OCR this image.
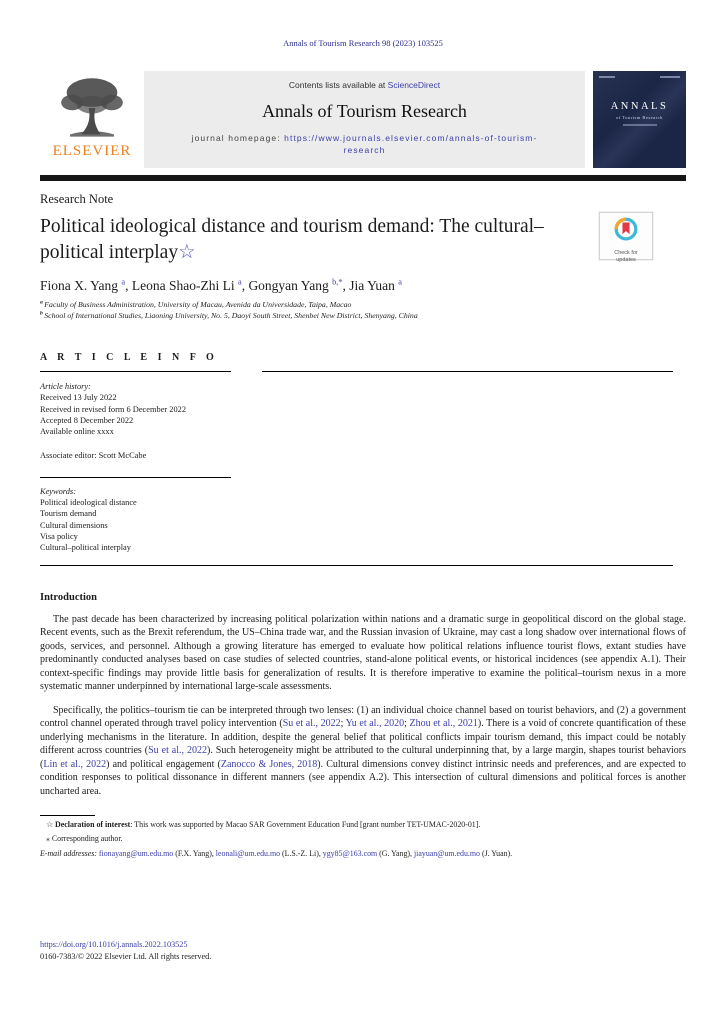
Annals of Tourism Research 98 (2023) 103525
ELSEVIER
Contents lists available at ScienceDirect
Annals of Tourism Research
journal homepage: https://www.journals.elsevier.com/annals-of-tourism-research
ANNALS
of Tourism Research
Research Note
Political ideological distance and tourism demand: The cultural–political interplay☆	Check for updates
Fiona X. Yang $^a$, Leona Shao-Zhi Li $^a$, Gongyan Yang $^{b,*}$, Jia Yuan $^a$
$^a$ Faculty of Business Administration, University of Macau, Avenida da Universidade, Taipa, Macao
$^b$ School of International Studies, Liaoning University, No. 5, Daoyi South Street, Shenbei New District, Shenyang, China
A R T I C L E I N F O
Article history:
Received 13 July 2022
Received in revised form 6 December 2022
Accepted 8 December 2022
Available online xxxx
Associate editor: Scott McCabe
Keywords:
Political ideological distance
Tourism demand
Cultural dimensions
Visa policy
Cultural–political interplay
Introduction

The past decade has been characterized by increasing political polarization within nations and a dramatic surge in geopolitical discord on the global stage. Recent events, such as the Brexit referendum, the US–China trade war, and the Russian invasion of Ukraine, may cast a long shadow over international flows of goods, services, and personnel. Although a growing literature has emerged to evaluate how political relations influence tourist flows, extant studies have predominantly conducted analyses based on case studies of selected countries, stand-alone political events, or historical incidences (see appendix A.1). Their context-specific findings may provide little basis for generalization of results. It is therefore imperative to examine the political–tourism nexus in a more systematic manner underpinned by international large-scale assessments.

Specifically, the politics–tourism tie can be interpreted through two lenses: (1) an individual choice channel based on tourist behaviors, and (2) a government control channel operated through travel policy intervention (Su et al., 2022; Yu et al., 2020; Zhou et al., 2021). There is a void of concrete quantification of these underlying mechanisms in the literature. In addition, despite the general belief that political conflicts impair tourism demand, this impact could be notably different across countries (Su et al., 2022). Such heterogeneity might be attributed to the cultural underpinning that, by a large margin, shapes tourist behaviors (Lin et al., 2022) and political engagement (Zanocco & Jones, 2018). Cultural dimensions convey distinct intrinsic needs and preferences, and are expected to condition responses to political dissonance in different manners (see appendix A.2). This intersection of cultural dimensions and political forces is another uncharted area.

☆ Declaration of interest: This work was supported by Macao SAR Government Education Fund [grant number TET-UMAC-2020-01].
⁎ Corresponding author.
E-mail addresses: fionayang@um.edu.mo (F.X. Yang), leonali@um.edu.mo (L.S.-Z. Li), ygy85@163.com (G. Yang), jiayuan@um.edu.mo (J. Yuan).
https://doi.org/10.1016/j.annals.2022.103525
0160-7383/© 2022 Elsevier Ltd. All rights reserved.
